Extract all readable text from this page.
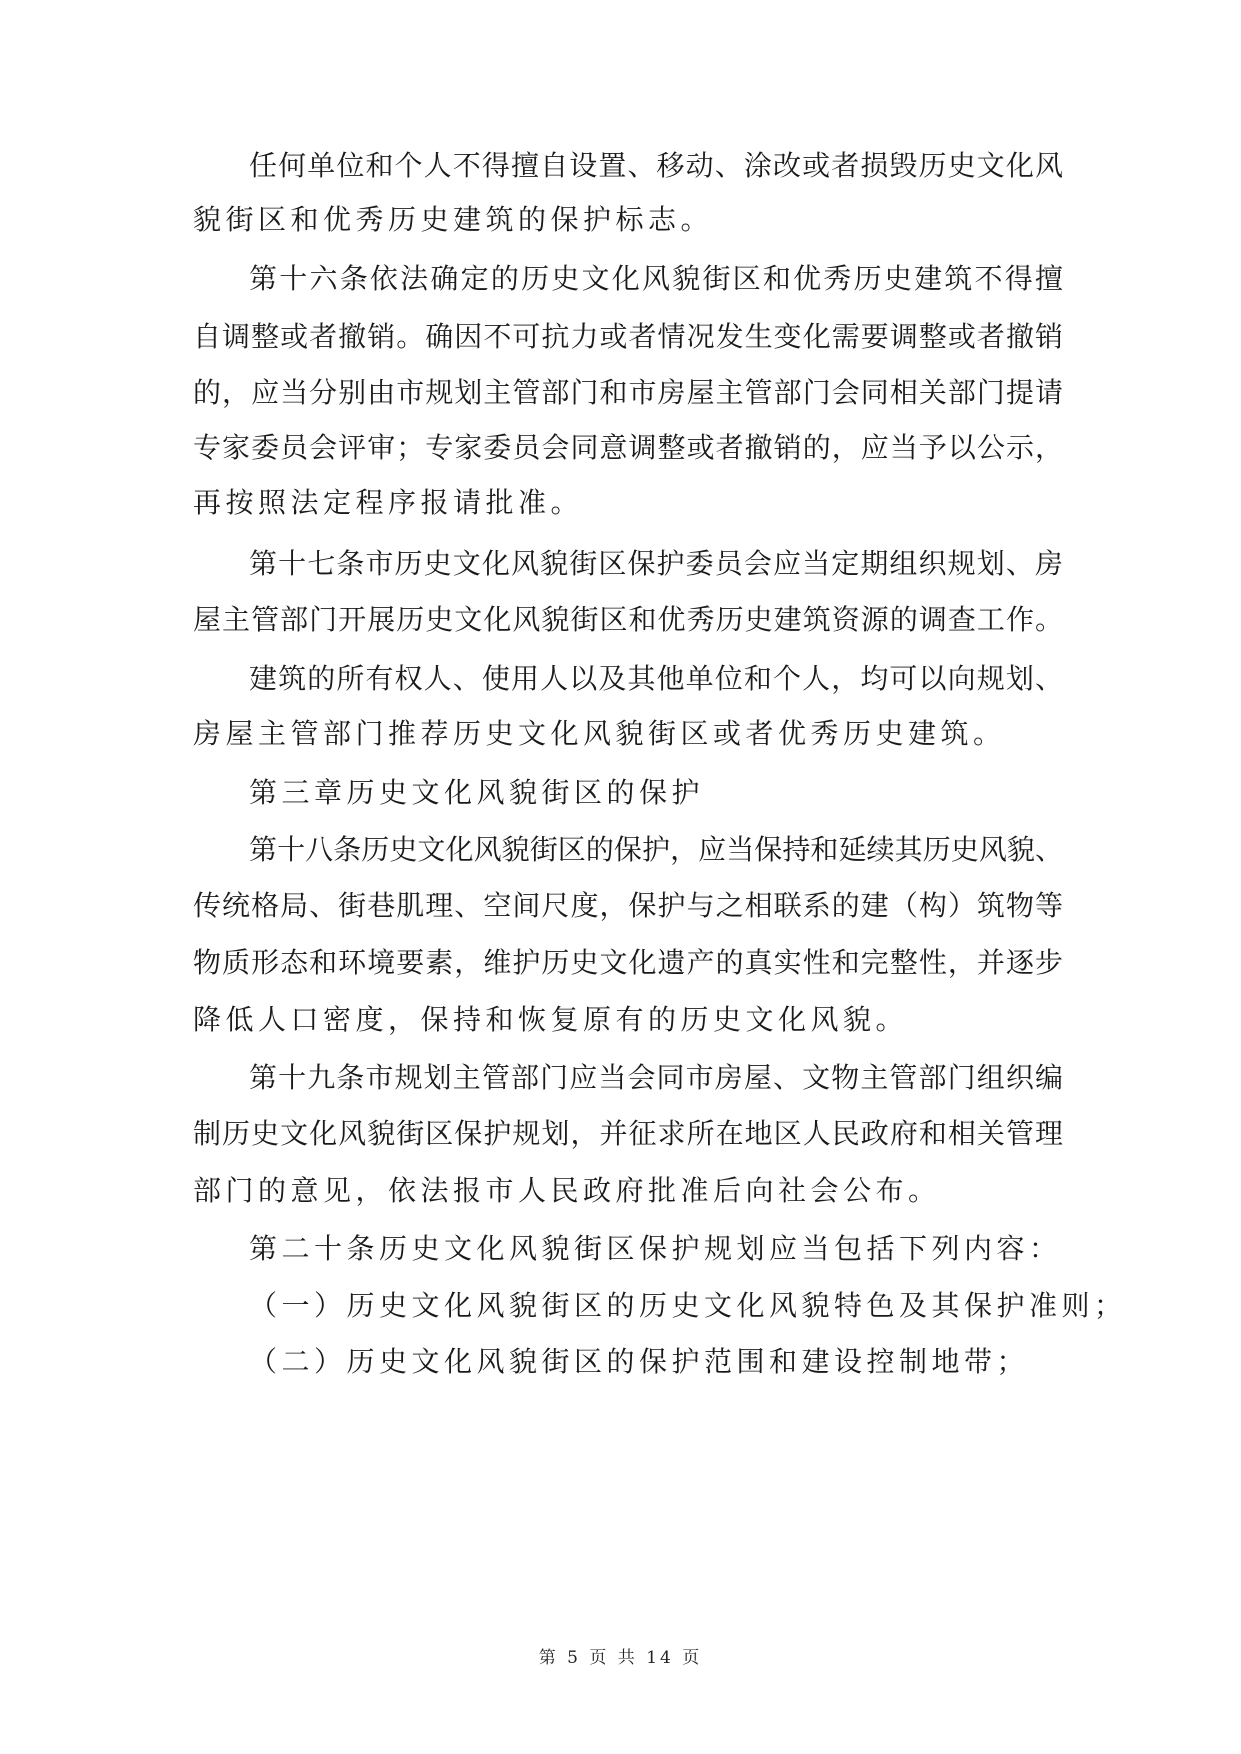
任何单位和个人不得擅自设置、移动、涂改或者损毁历史文化风
貌街区和优秀历史建筑的保护标志。
第十六条依法确定的历史文化风貌街区和优秀历史建筑不得擅
自调整或者撤销。确因不可抗力或者情况发生变化需要调整或者撤销
的，应当分别由市规划主管部门和市房屋主管部门会同相关部门提请
专家委员会评审；专家委员会同意调整或者撤销的，应当予以公示，
再按照法定程序报请批准。
第十七条市历史文化风貌街区保护委员会应当定期组织规划、房
屋主管部门开展历史文化风貌街区和优秀历史建筑资源的调查工作。
建筑的所有权人、使用人以及其他单位和个人，均可以向规划、
房屋主管部门推荐历史文化风貌街区或者优秀历史建筑。
第三章历史文化风貌街区的保护
第十八条历史文化风貌街区的保护，应当保持和延续其历史风貌、
传统格局、街巷肌理、空间尺度，保护与之相联系的建（构）筑物等
物质形态和环境要素，维护历史文化遗产的真实性和完整性，并逐步
降低人口密度，保持和恢复原有的历史文化风貌。
第十九条市规划主管部门应当会同市房屋、文物主管部门组织编
制历史文化风貌街区保护规划，并征求所在地区人民政府和相关管理
部门的意见，依法报市人民政府批准后向社会公布。
第二十条历史文化风貌街区保护规划应当包括下列内容：
（一）历史文化风貌街区的历史文化风貌特色及其保护准则；
（二）历史文化风貌街区的保护范围和建设控制地带；
第 5 页 共 14 页
